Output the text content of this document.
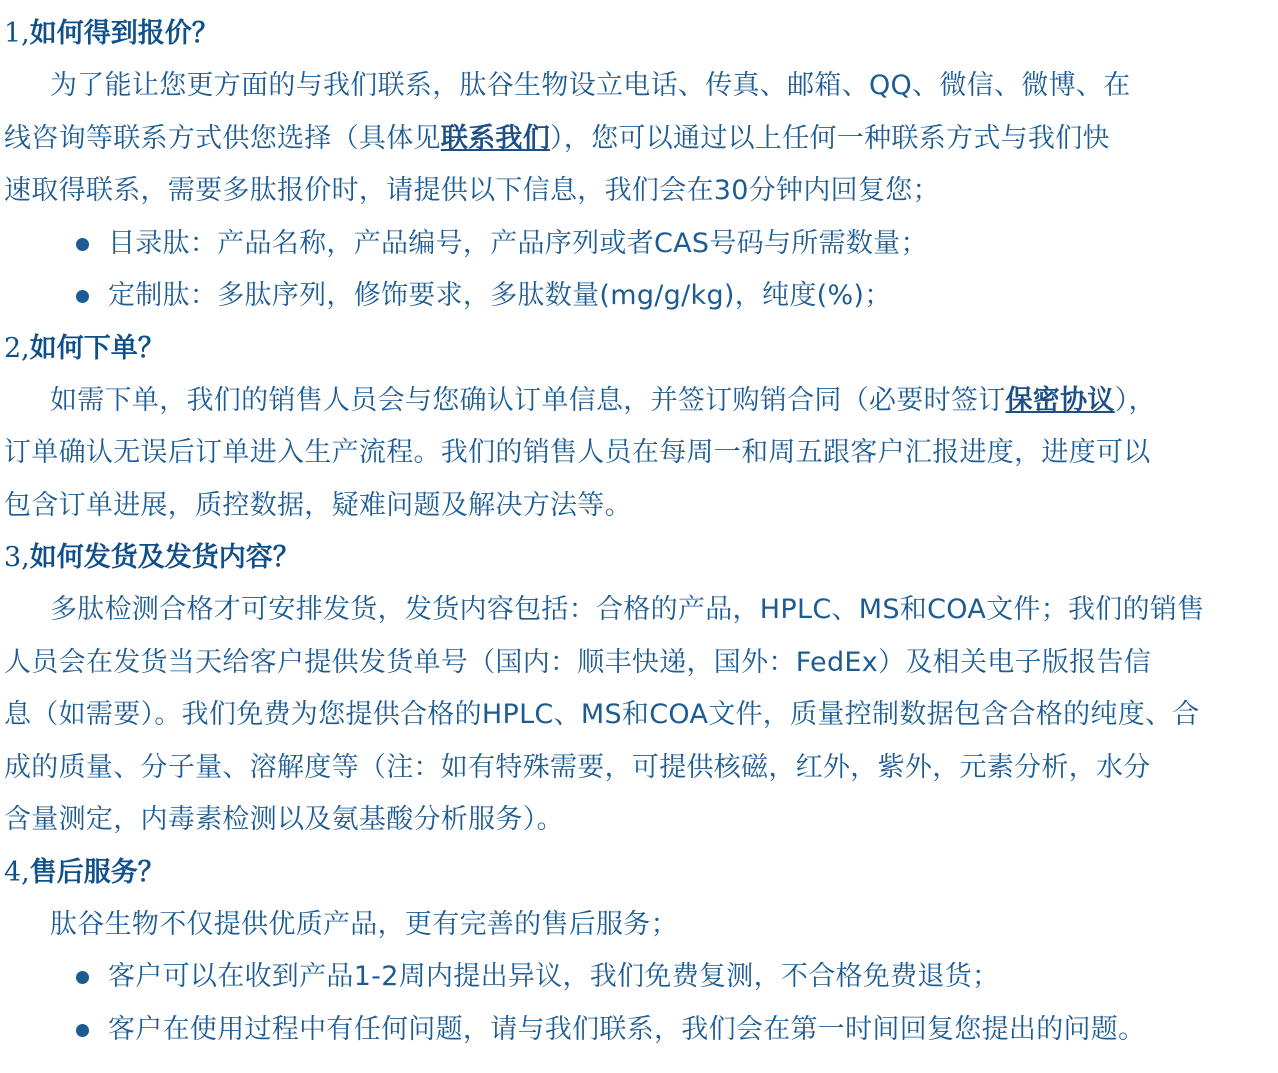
1,如何得到报价？

为了能让您更方面的与我们联系，肽谷生物设立电话、传真、邮箱、QQ、微信、微博、在
线咨询等联系方式供您选择（具体见联系我们），您可以通过以上任何一种联系方式与我们快
速取得联系，需要多肽报价时，请提供以下信息，我们会在30分钟内回复您；

目录肽：产品名称，产品编号，产品序列或者CAS号码与所需数量；
定制肽：多肽序列，修饰要求，多肽数量(mg/g/kg)，纯度(%)；
2,如何下单？

如需下单，我们的销售人员会与您确认订单信息，并签订购销合同（必要时签订保密协议），
订单确认无误后订单进入生产流程。我们的销售人员在每周一和周五跟客户汇报进度，进度可以
包含订单进展，质控数据，疑难问题及解决方法等。

3,如何发货及发货内容？

多肽检测合格才可安排发货，发货内容包括：合格的产品，HPLC、MS和COA文件；我们的销售
人员会在发货当天给客户提供发货单号（国内：顺丰快递，国外：FedEx）及相关电子版报告信
息（如需要）。我们免费为您提供合格的HPLC、MS和COA文件，质量控制数据包含合格的纯度、合
成的质量、分子量、溶解度等（注：如有特殊需要，可提供核磁，红外，紫外，元素分析，水分
含量测定，内毒素检测以及氨基酸分析服务）。

4,售后服务？

肽谷生物不仅提供优质产品，更有完善的售后服务；

客户可以在收到产品1-2周内提出异议，我们免费复测，不合格免费退货；
客户在使用过程中有任何问题，请与我们联系，我们会在第一时间回复您提出的问题。
